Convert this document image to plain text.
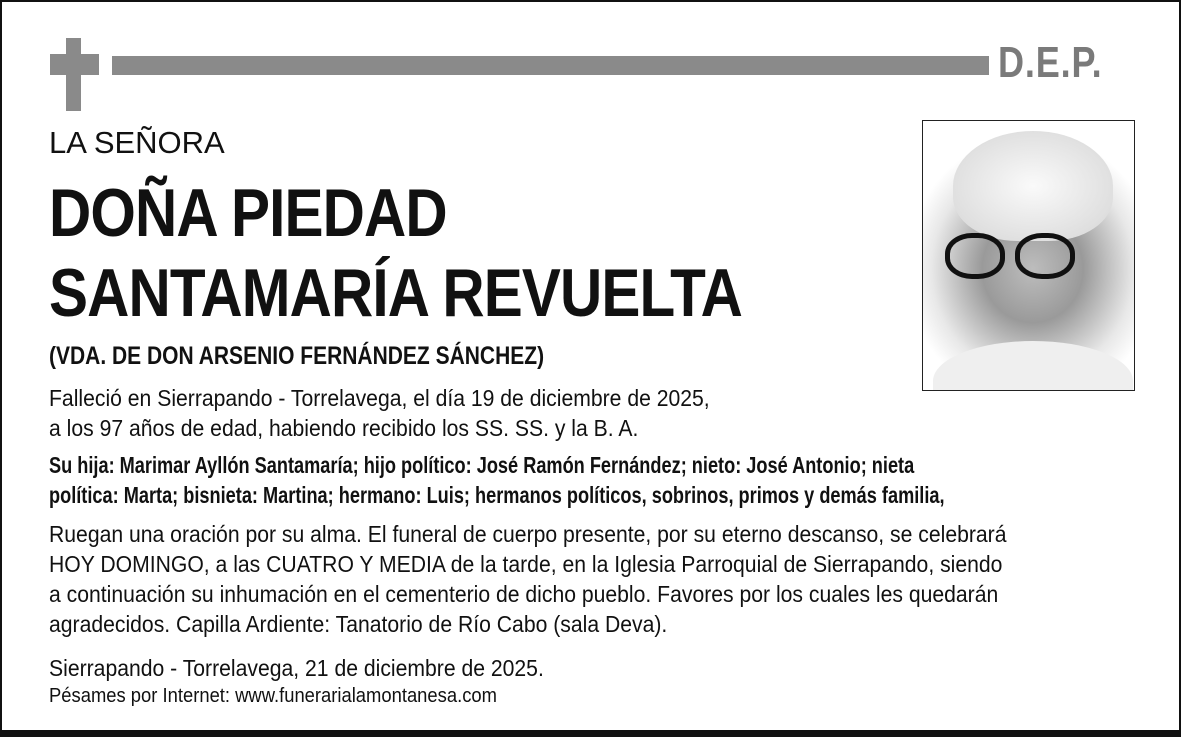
D.E.P.
LA SEÑORA
DOÑA PIEDAD
SANTAMARÍA REVUELTA
(VDA. DE DON ARSENIO FERNÁNDEZ SÁNCHEZ)
Falleció en Sierrapando - Torrelavega, el día 19 de diciembre de 2025,
a los 97 años de edad, habiendo recibido los SS. SS. y la B. A.
Su hija: Marimar Ayllón Santamaría; hijo político: José Ramón Fernández; nieto: José Antonio; nieta
política: Marta; bisnieta: Martina; hermano: Luis; hermanos políticos, sobrinos, primos y demás familia,
Ruegan una oración por su alma. El funeral de cuerpo presente, por su eterno descanso, se celebrará
HOY DOMINGO, a las CUATRO Y MEDIA de la tarde, en la Iglesia Parroquial de Sierrapando, siendo
a continuación su inhumación en el cementerio de dicho pueblo. Favores por los cuales les quedarán
agradecidos. Capilla Ardiente: Tanatorio de Río Cabo (sala Deva).
Sierrapando - Torrelavega, 21 de diciembre de 2025.
Pésames por Internet: www.funerarialamontanesa.com
